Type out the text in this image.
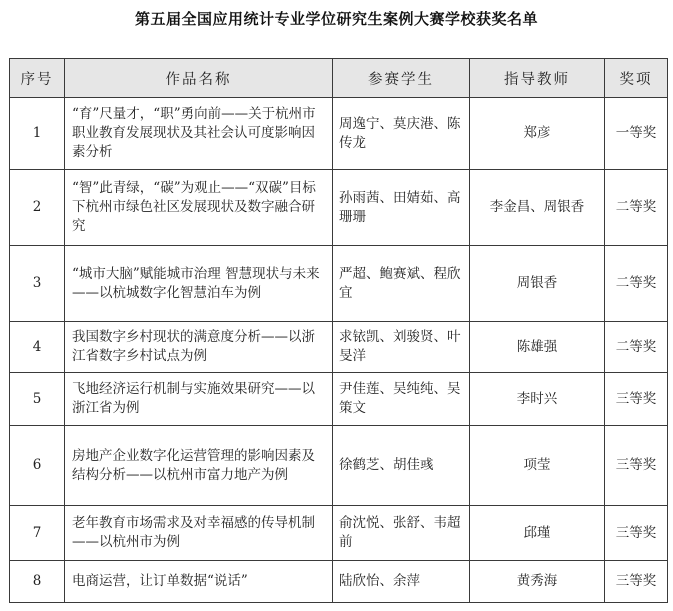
第五届全国应用统计专业学位研究生案例大赛学校获奖名单
序号	作品名称	参赛学生	指导教师	奖项
1	“育”尺量才，“职”勇向前——关于杭州市职业教育发展现状及其社会认可度影响因素分析	周逸宁、莫庆港、陈传龙	郑彦	一等奖
2	“智”此青绿，“碳”为观止——“双碳”目标下杭州市绿色社区发展现状及数字融合研究	孙雨茜、田婧茹、高珊珊	李金昌、周银香	二等奖
3	“城市大脑”赋能城市治理 智慧现状与未来——以杭城数字化智慧泊车为例	严超、鲍赛斌、程欣宜	周银香	二等奖
4	我国数字乡村现状的满意度分析——以浙江省数字乡村试点为例	求铱凯、刘骏贤、叶旻洋	陈雄强	二等奖
5	飞地经济运行机制与实施效果研究——以浙江省为例	尹佳莲、吴纯纯、吴策文	李时兴	三等奖
6	房地产企业数字化运营管理的影响因素及结构分析——以杭州市富力地产为例	徐鹤芝、胡佳彧	项莹	三等奖
7	老年教育市场需求及对幸福感的传导机制——以杭州市为例	俞沈悦、张舒、韦超前	邱瑾	三等奖
8	电商运营，让订单数据“说话”	陆欣怡、余萍	黄秀海	三等奖
